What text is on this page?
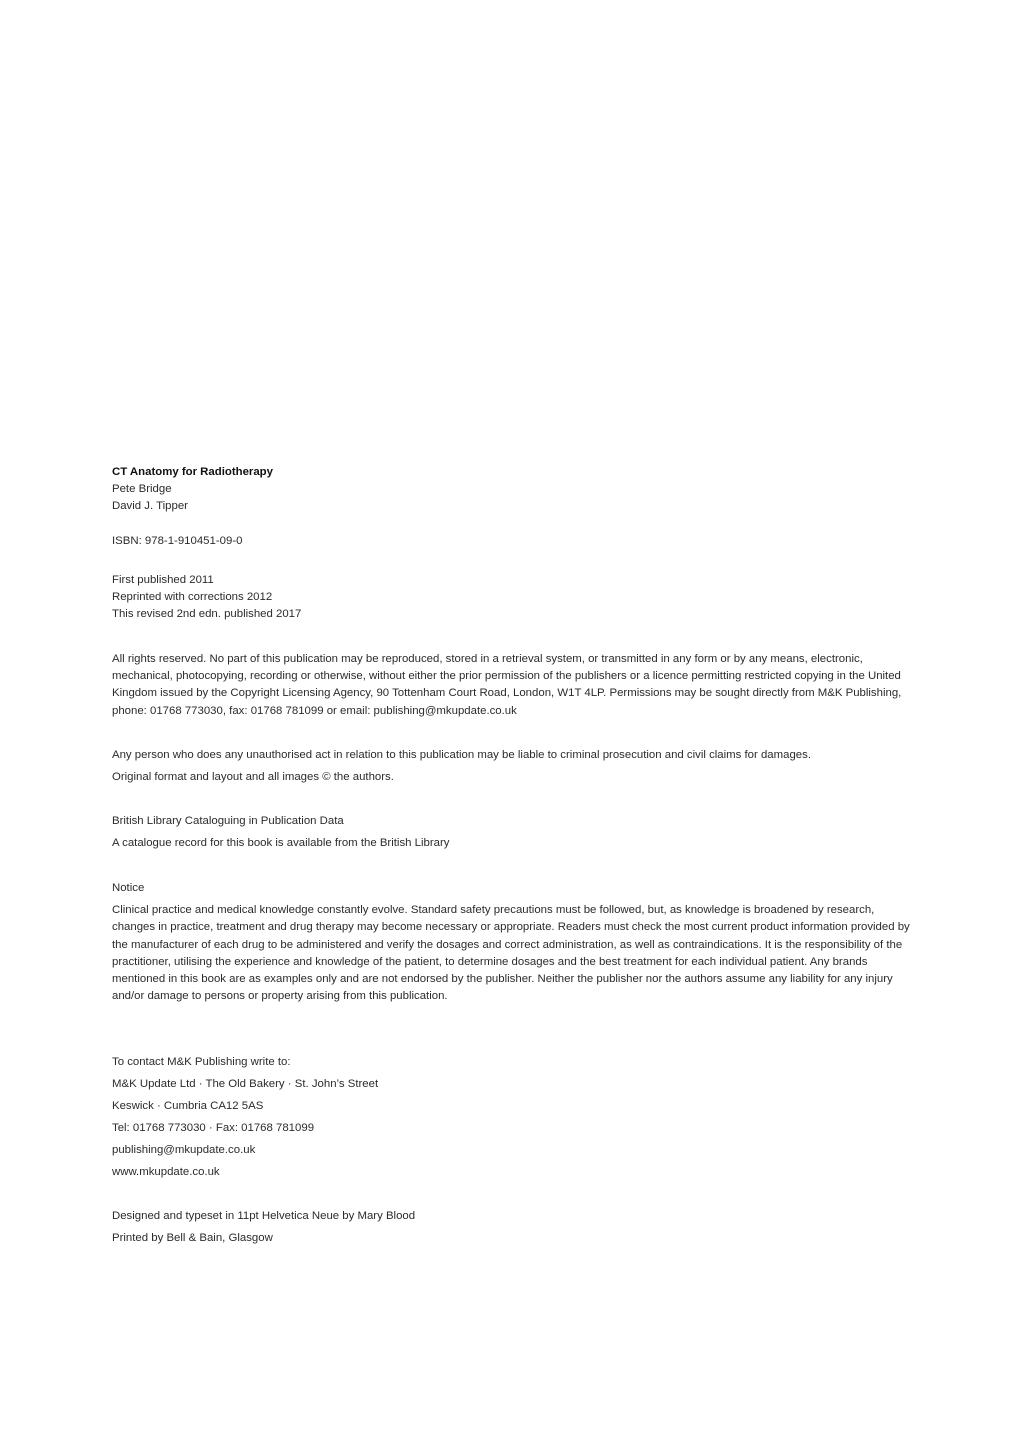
CT Anatomy for Radiotherapy
Pete Bridge
David J. Tipper
ISBN: 978-1-910451-09-0
First published 2011
Reprinted with corrections 2012
This revised 2nd edn. published 2017
All rights reserved. No part of this publication may be reproduced, stored in a retrieval system, or transmitted in any form or by any means, electronic, mechanical, photocopying, recording or otherwise, without either the prior permission of the publishers or a licence permitting restricted copying in the United Kingdom issued by the Copyright Licensing Agency, 90 Tottenham Court Road, London, W1T 4LP. Permissions may be sought directly from M&K Publishing, phone: 01768 773030, fax: 01768 781099 or email: publishing@mkupdate.co.uk
Any person who does any unauthorised act in relation to this publication may be liable to criminal prosecution and civil claims for damages.
Original format and layout and all images © the authors.
British Library Cataloguing in Publication Data
A catalogue record for this book is available from the British Library
Notice
Clinical practice and medical knowledge constantly evolve. Standard safety precautions must be followed, but, as knowledge is broadened by research, changes in practice, treatment and drug therapy may become necessary or appropriate. Readers must check the most current product information provided by the manufacturer of each drug to be administered and verify the dosages and correct administration, as well as contraindications. It is the responsibility of the practitioner, utilising the experience and knowledge of the patient, to determine dosages and the best treatment for each individual patient. Any brands mentioned in this book are as examples only and are not endorsed by the publisher. Neither the publisher nor the authors assume any liability for any injury and/or damage to persons or property arising from this publication.
To contact M&K Publishing write to:
M&K Update Ltd · The Old Bakery · St. John’s Street
Keswick · Cumbria CA12 5AS
Tel: 01768 773030 · Fax: 01768 781099
publishing@mkupdate.co.uk
www.mkupdate.co.uk
Designed and typeset in 11pt Helvetica Neue by Mary Blood
Printed by Bell & Bain, Glasgow
